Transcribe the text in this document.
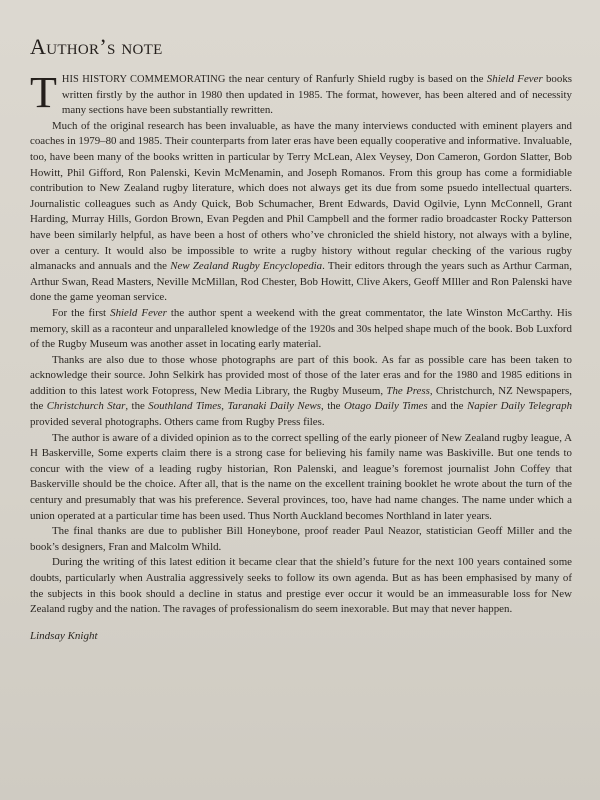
Author’s note

THIS HISTORY COMMEMORATING the near century of Ranfurly Shield rugby is based on the Shield Fever books written firstly by the author in 1980 then updated in 1985. The format, however, has been altered and of necessity many sections have been substantially rewritten.

Much of the original research has been invaluable, as have the many interviews conducted with eminent players and coaches in 1979–80 and 1985. Their counterparts from later eras have been equally cooperative and informative. Invaluable, too, have been many of the books written in particular by Terry McLean, Alex Veysey, Don Cameron, Gordon Slatter, Bob Howitt, Phil Gifford, Ron Palenski, Kevin McMenamin, and Joseph Romanos. From this group has come a formidiable contribution to New Zealand rugby literature, which does not always get its due from some psuedo intellectual quarters. Journalistic colleagues such as Andy Quick, Bob Schumacher, Brent Edwards, David Ogilvie, Lynn McConnell, Grant Harding, Murray Hills, Gordon Brown, Evan Pegden and Phil Campbell and the former radio broadcaster Rocky Patterson have been similarly helpful, as have been a host of others who’ve chronicled the shield history, not always with a byline, over a century. It would also be impossible to write a rugby history without regular checking of the various rugby almanacks and annuals and the New Zealand Rugby Encyclopedia. Their editors through the years such as Arthur Carman, Arthur Swan, Read Masters, Neville McMillan, Rod Chester, Bob Howitt, Clive Akers, Geoff MIller and Ron Palenski have done the game yeoman service.

For the first Shield Fever the author spent a weekend with the great commentator, the late Winston McCarthy. His memory, skill as a raconteur and unparalleled knowledge of the 1920s and 30s helped shape much of the book. Bob Luxford of the Rugby Museum was another asset in locating early material.

Thanks are also due to those whose photographs are part of this book. As far as possible care has been taken to acknowledge their source. John Selkirk has provided most of those of the later eras and for the 1980 and 1985 editions in addition to this latest work Fotopress, New Media Library, the Rugby Museum, The Press, Christchurch, NZ Newspapers, the Christchurch Star, the Southland Times, Taranaki Daily News, the Otago Daily Times and the Napier Daily Telegraph provided several photographs. Others came from Rugby Press files.

The author is aware of a divided opinion as to the correct spelling of the early pioneer of New Zealand rugby league, A H Baskerville, Some experts claim there is a strong case for believing his family name was Baskiville. But one tends to concur with the view of a leading rugby historian, Ron Palenski, and league’s foremost journalist John Coffey that Baskerville should be the choice. After all, that is the name on the excellent training booklet he wrote about the turn of the century and presumably that was his preference. Several provinces, too, have had name changes. The name under which a union operated at a particular time has been used. Thus North Auckland becomes Northland in later years.

The final thanks are due to publisher Bill Honeybone, proof reader Paul Neazor, statistician Geoff Miller and the book’s designers, Fran and Malcolm Whild.

During the writing of this latest edition it became clear that the shield’s future for the next 100 years contained some doubts, particularly when Australia aggressively seeks to follow its own agenda. But as has been emphasised by many of the subjects in this book should a decline in status and prestige ever occur it would be an immeasurable loss for New Zealand rugby and the nation. The ravages of professionalism do seem inexorable. But may that never happen.

Lindsay Knight
